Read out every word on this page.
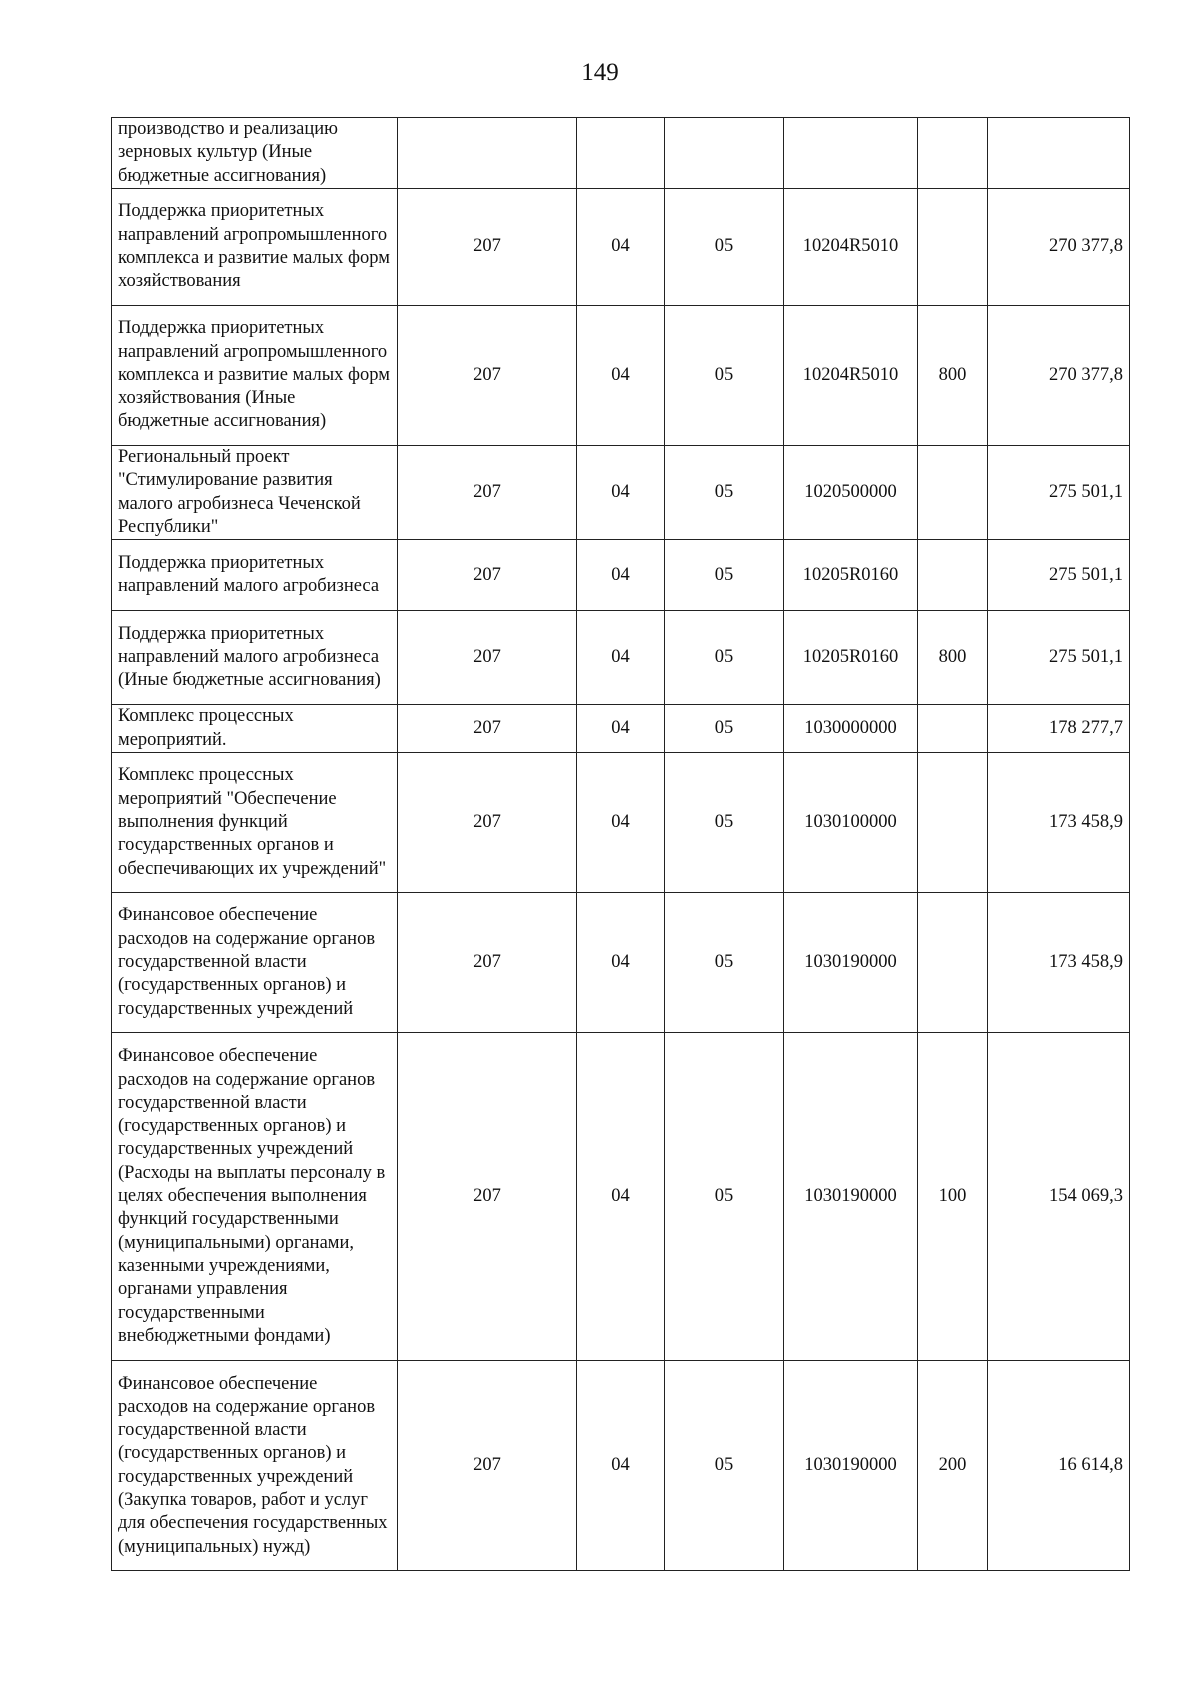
149
производство и реализацию зерновых культур (Иные бюджетные ассигнования)						
Поддержка приоритетных направлений агропромышленного комплекса и развитие малых форм хозяйствования	207	04	05	10204R5010		270 377,8
Поддержка приоритетных направлений агропромышленного комплекса и развитие малых форм хозяйствования (Иные бюджетные ассигнования)	207	04	05	10204R5010	800	270 377,8
Региональный проект "Стимулирование развития малого агробизнеса Чеченской Республики"	207	04	05	1020500000		275 501,1
Поддержка приоритетных направлений малого агробизнеса	207	04	05	10205R0160		275 501,1
Поддержка приоритетных направлений малого агробизнеса (Иные бюджетные ассигнования)	207	04	05	10205R0160	800	275 501,1
Комплекс процессных мероприятий.	207	04	05	1030000000		178 277,7
Комплекс процессных мероприятий "Обеспечение выполнения функций государственных органов и обеспечивающих их учреждений"	207	04	05	1030100000		173 458,9
Финансовое обеспечение расходов на содержание органов государственной власти (государственных органов) и государственных учреждений	207	04	05	1030190000		173 458,9
Финансовое обеспечение расходов на содержание органов государственной власти (государственных органов) и государственных учреждений (Расходы на выплаты персоналу в целях обеспечения выполнения функций государственными (муниципальными) органами, казенными учреждениями, органами управления государственными внебюджетными фондами)	207	04	05	1030190000	100	154 069,3
Финансовое обеспечение расходов на содержание органов государственной власти (государственных органов) и государственных учреждений (Закупка товаров, работ и услуг для обеспечения государственных (муниципальных) нужд)	207	04	05	1030190000	200	16 614,8
